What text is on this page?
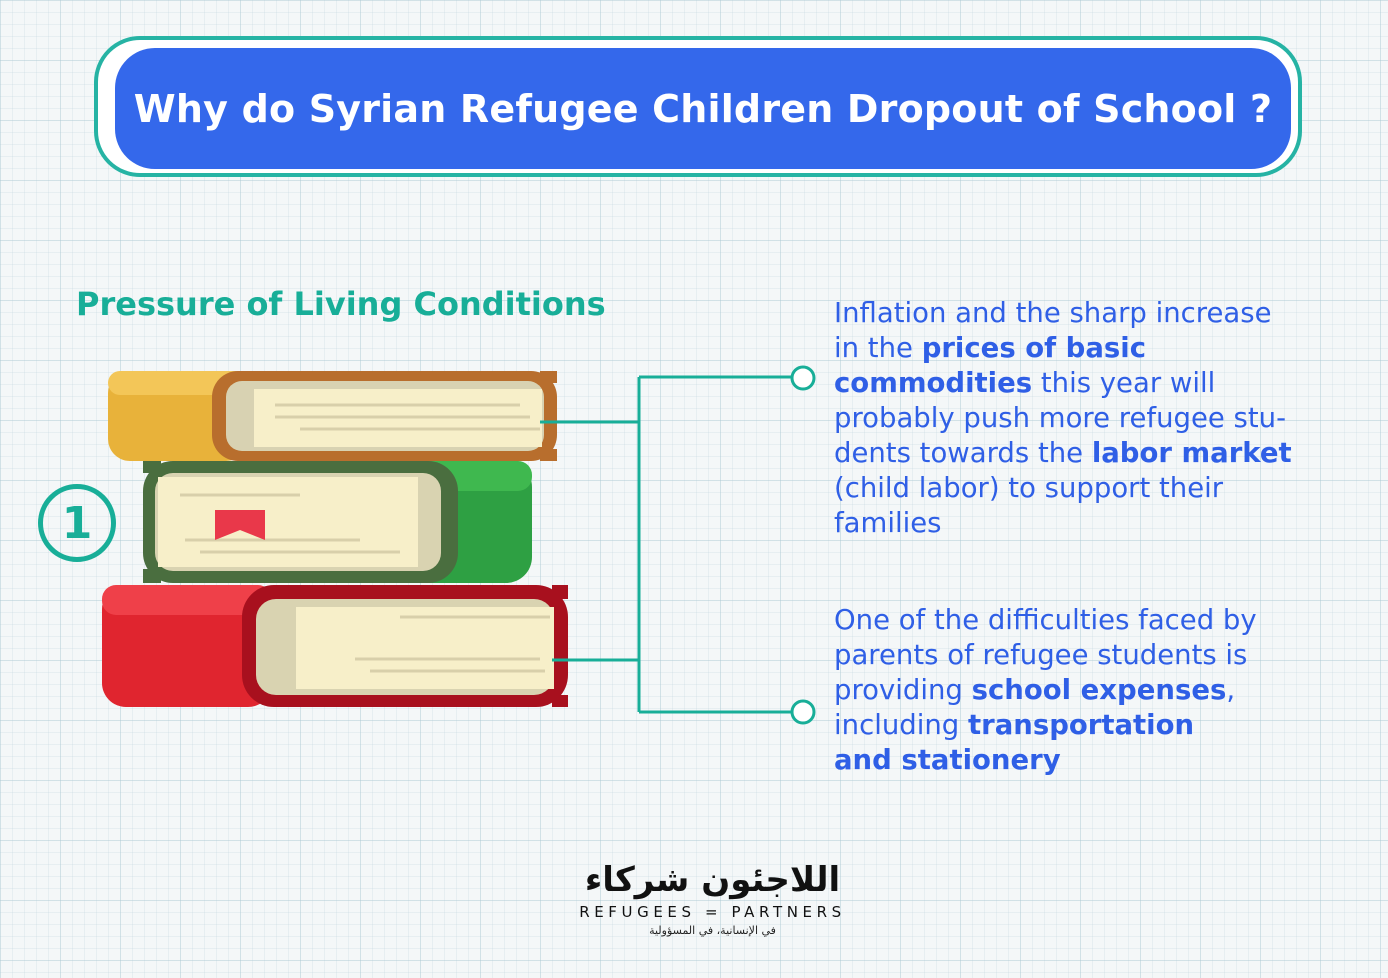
Why do Syrian Refugee Children Dropout of School ?
Pressure of Living Conditions
1

Inflation and the sharp increase
in the prices of basic
commodities this year will
probably push more refugee stu-
dents towards the labor market
(child labor) to support their
families

One of the difficulties faced by
parents of refugee students is
providing school expenses,
including transportation
and stationery

اللاجئون شركاء
REFUGEES = PARTNERS
في الإنسانية، في المسؤولية
